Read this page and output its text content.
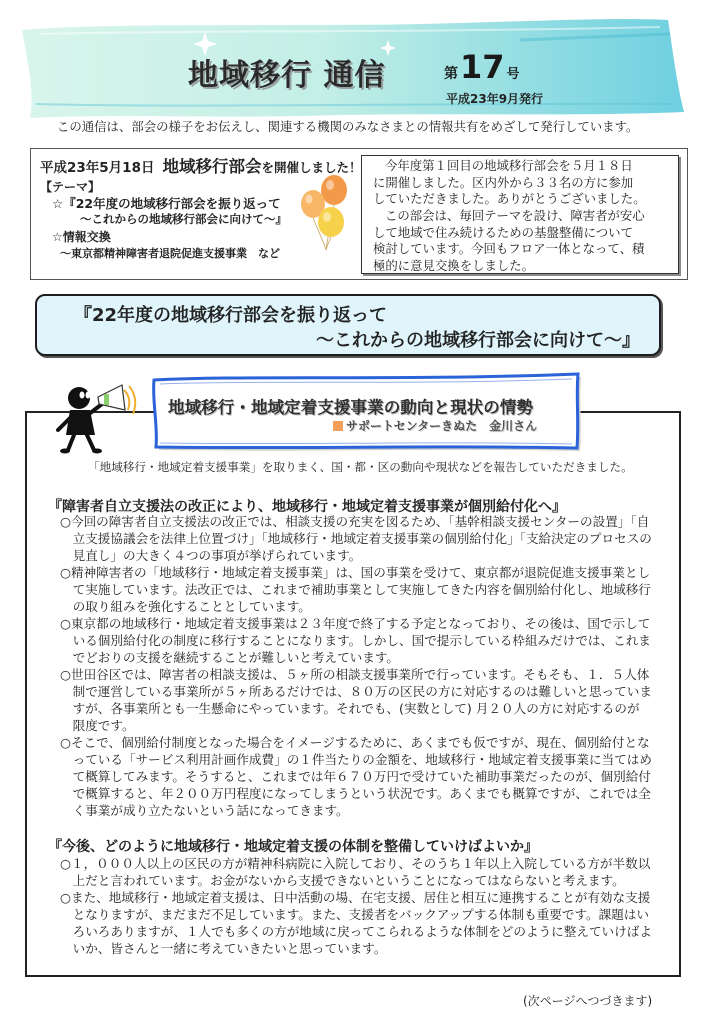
地域移行 通信	第17 号
平成23年9月発行
この通信は、部会の様子をお伝えし、関連する機関のみなさまとの情報共有をめざして発行しています。
平成23年5月18日 地域移行部会を開催しました！
【テーマ】
☆『22年度の地域移行部会を振り返って
～これからの地域移行部会に向けて～』
☆情報交換
～東京都精神障害者退院促進支援事業　など
今年度第１回目の地域移行部会を５月１８日
に開催しました。区内外から３３名の方に参加
していただきました。ありがとうございました。
この部会は、毎回テーマを設け、障害者が安心
して地域で住み続けるための基盤整備について
検討しています。今回もフロア一体となって、積
極的に意見交換をしました。
『22年度の地域移行部会を振り返って
～これからの地域移行部会に向けて～』
地域移行・地域定着支援事業の動向と現状の情勢
サポートセンターきぬた　金川さん
「地域移行・地域定着支援事業」を取りまく、国・都・区の動向や現状などを報告していただきました。
『障害者自立支援法の改正により、地域移行・地域定着支援事業が個別給付化へ』
○今回の障害者自立支援法の改正では、相談支援の充実を図るため、「基幹相談支援センターの設置」「自
立支援協議会を法律上位置づけ」「地域移行・地域定着支援事業の個別給付化」「支給決定のプロセスの
見直し」の大きく４つの事項が挙げられています。
○精神障害者の「地域移行・地域定着支援事業」は、国の事業を受けて、東京都が退院促進支援事業とし
て実施しています。法改正では、これまで補助事業として実施してきた内容を個別給付化し、地域移行
の取り組みを強化することとしています。
○東京都の地域移行・地域定着支援事業は２３年度で終了する予定となっており、その後は、国で示して
いる個別給付化の制度に移行することになります。しかし、国で提示している枠組みだけでは、これま
でどおりの支援を継続することが難しいと考えています。
○世田谷区では、障害者の相談支援は、５ヶ所の相談支援事業所で行っています。そもそも、１．５人体
制で運営している事業所が５ヶ所あるだけでは、８０万の区民の方に対応するのは難しいと思っていま
すが、各事業所とも一生懸命にやっています。それでも、(実数として) 月２０人の方に対応するのが
限度です。
○そこで、個別給付制度となった場合をイメージするために、あくまでも仮ですが、現在、個別給付とな
っている「サービス利用計画作成費」の１件当たりの金額を、地域移行・地域定着支援事業に当てはめ
て概算してみます。そうすると、これまでは年６７０万円で受けていた補助事業だったのが、個別給付
で概算すると、年２００万円程度になってしまうという状況です。あくまでも概算ですが、これでは全
く事業が成り立たないという話になってきます。
『今後、どのように地域移行・地域定着支援の体制を整備していけばよいか』
○１，０００人以上の区民の方が精神科病院に入院しており、そのうち１年以上入院している方が半数以
上だと言われています。お金がないから支援できないということになってはならないと考えます。
○また、地域移行・地域定着支援は、日中活動の場、在宅支援、居住と相互に連携することが有効な支援
となりますが、まだまだ不足しています。また、支援者をバックアップする体制も重要です。課題はい
ろいろありますが、１人でも多くの方が地域に戻ってこられるような体制をどのように整えていけばよ
いか、皆さんと一緒に考えていきたいと思っています。
(次ページへつづきます)
